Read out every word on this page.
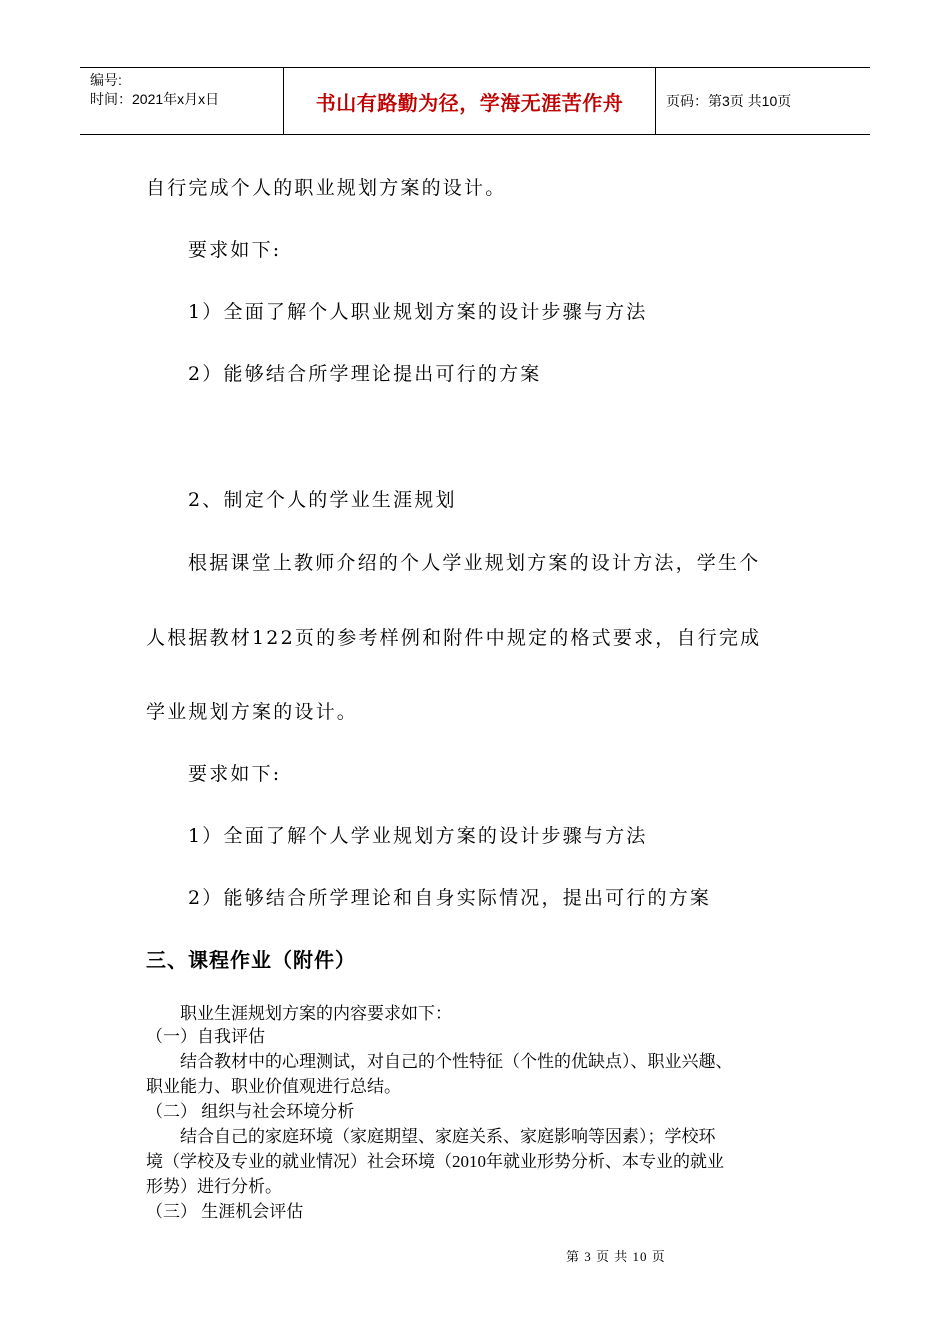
编号:
时间：2021年x月x日	书山有路勤为径，学海无涯苦作舟	页码：第3页 共10页
自行完成个人的职业规划方案的设计。
要求如下:
1）全面了解个人职业规划方案的设计步骤与方法
2）能够结合所学理论提出可行的方案
2、制定个人的学业生涯规划
根据课堂上教师介绍的个人学业规划方案的设计方法，学生个
人根据教材122页的参考样例和附件中规定的格式要求，自行完成
学业规划方案的设计。
要求如下:
1）全面了解个人学业规划方案的设计步骤与方法
2）能够结合所学理论和自身实际情况，提出可行的方案
三、课程作业（附件）
职业生涯规划方案的内容要求如下：
（一）自我评估
结合教材中的心理测试，对自己的个性特征（个性的优缺点）、职业兴趣、
职业能力、职业价值观进行总结。
（二） 组织与社会环境分析
结合自己的家庭环境（家庭期望、家庭关系、家庭影响等因素）；学校环
境（学校及专业的就业情况）社会环境（2010年就业形势分析、本专业的就业
形势）进行分析。
（三） 生涯机会评估
第 3 页 共 10 页
